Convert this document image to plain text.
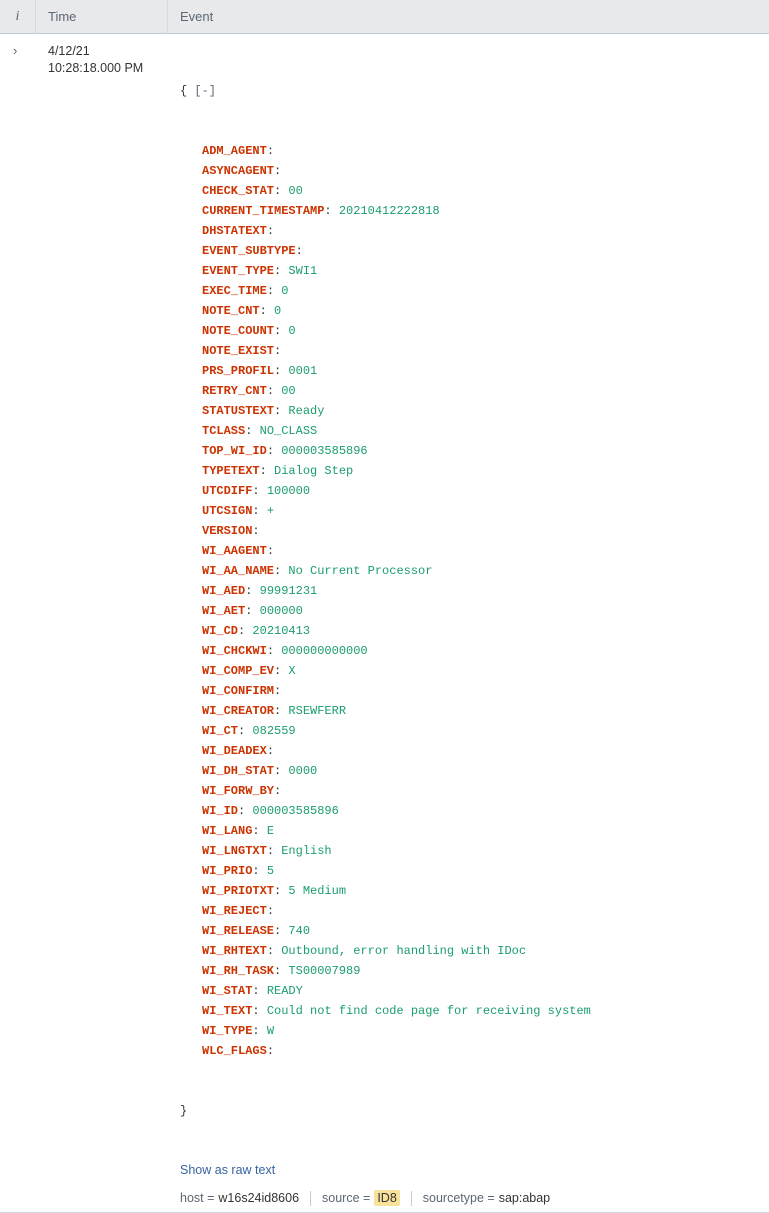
i Time	Event
› 4/12/21
10:28:18.000 PM

{ [-]

ADM_AGENT:
ASYNCAGENT:
CHECK_STAT: 00
CURRENT_TIMESTAMP: 20210412222818
DHSTATEXT:
EVENT_SUBTYPE:
EVENT_TYPE: SWI1
EXEC_TIME: 0
NOTE_CNT: 0
NOTE_COUNT: 0
NOTE_EXIST:
PRS_PROFIL: 0001
RETRY_CNT: 00
STATUSTEXT: Ready
TCLASS: NO_CLASS
TOP_WI_ID: 000003585896
TYPETEXT: Dialog Step
UTCDIFF: 100000
UTCSIGN: +
VERSION:
WI_AAGENT:
WI_AA_NAME: No Current Processor
WI_AED: 99991231
WI_AET: 000000
WI_CD: 20210413
WI_CHCKWI: 000000000000
WI_COMP_EV: X
WI_CONFIRM:
WI_CREATOR: RSEWFERR
WI_CT: 082559
WI_DEADEX:
WI_DH_STAT: 0000
WI_FORW_BY:
WI_ID: 000003585896
WI_LANG: E
WI_LNGTXT: English
WI_PRIO: 5
WI_PRIOTXT: 5 Medium
WI_REJECT:
WI_RELEASE: 740
WI_RHTEXT: Outbound, error handling with IDoc
WI_RH_TASK: TS00007989
WI_STAT: READY
WI_TEXT: Could not find code page for receiving system
WI_TYPE: W
WLC_FLAGS:

}

Show as raw text
host = w16s24id8606 source = ID8 sourcetype = sap:abap
